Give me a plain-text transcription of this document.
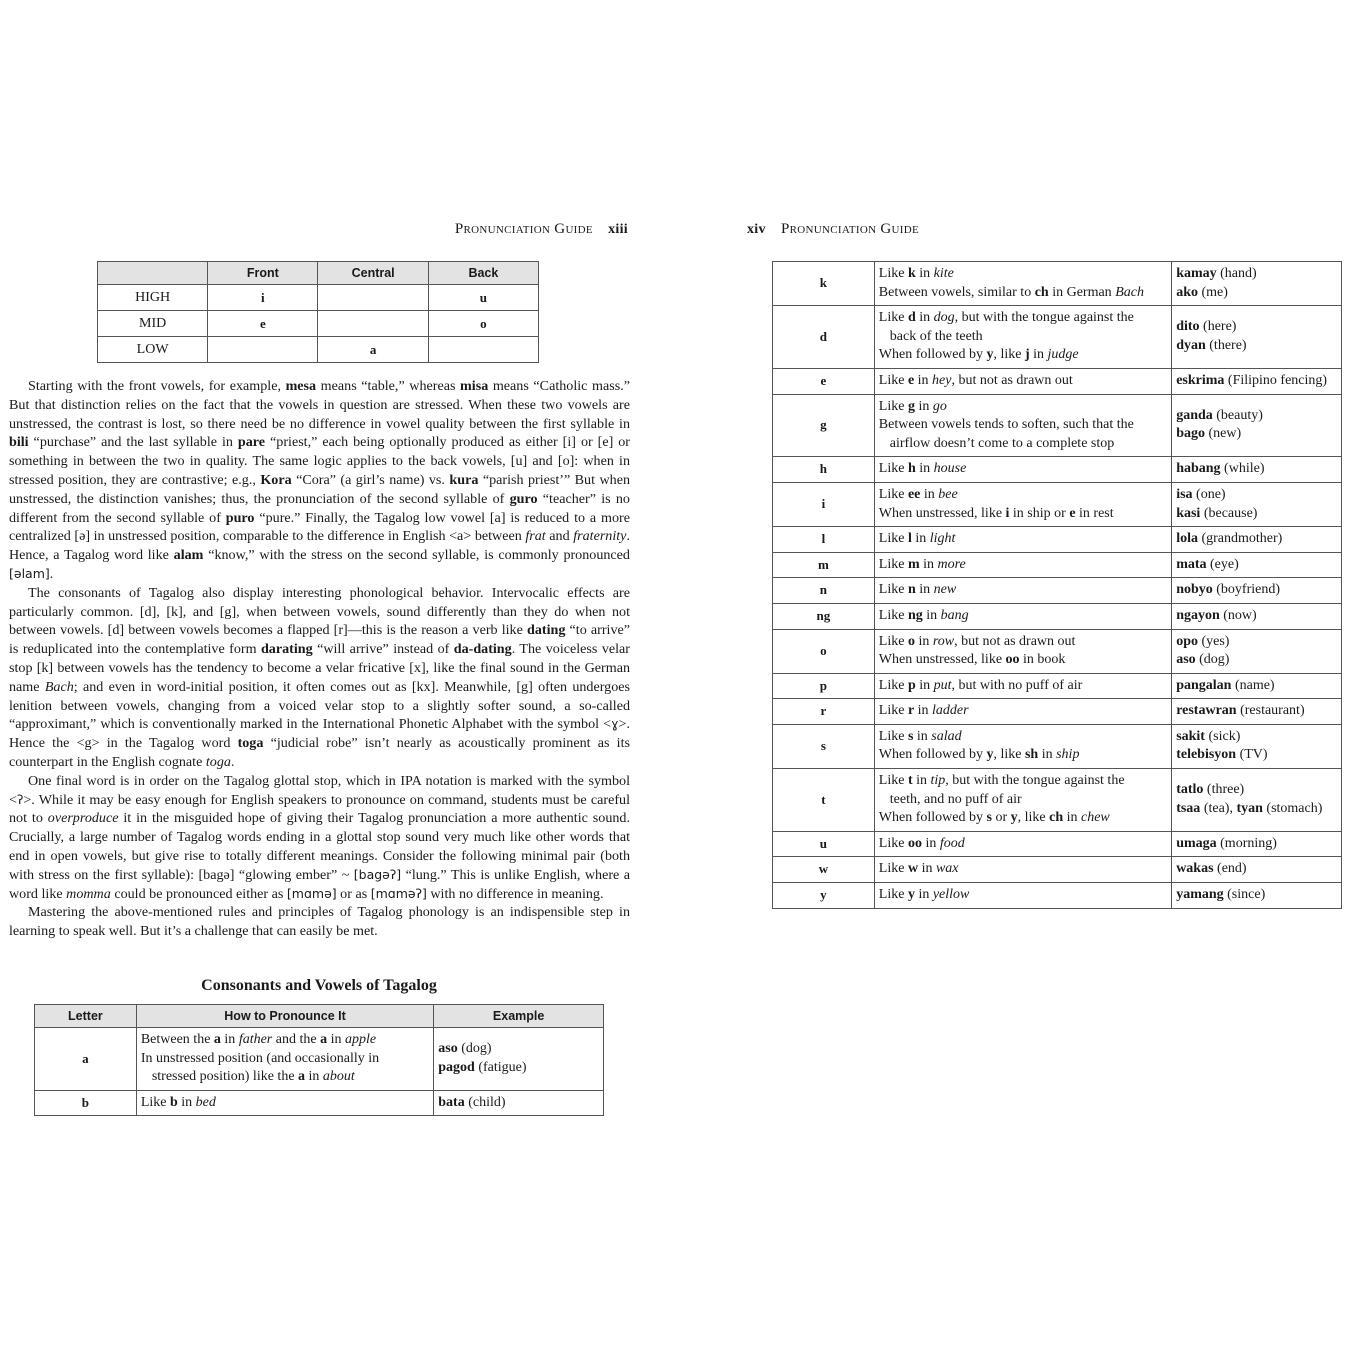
Pronunciation Guide xiii
	Front	Central	Back
HIGH	i		u
MID	e		o
LOW		a	

Starting with the front vowels, for example, mesa means “table,” whereas misa means “Catholic mass.” But that distinction relies on the fact that the vowels in question are stressed. When these two vowels are unstressed, the contrast is lost, so there need be no difference in vowel quality between the first syllable in bili “purchase” and the last syllable in pare “priest,” each being optionally produced as either [i] or [e] or something in between the two in quality. The same logic applies to the back vowels, [u] and [o]: when in stressed position, they are contrastive; e.g., Kora “Cora” (a girl’s name) vs. kura “parish priest’” But when unstressed, the distinction vanishes; thus, the pronunciation of the second syllable of guro “teacher” is no different from the second syllable of puro “pure.” Finally, the Tagalog low vowel [a] is reduced to a more centralized [ə] in unstressed position, comparable to the difference in English <a> between frat and fraternity. Hence, a Tagalog word like alam “know,” with the stress on the second syllable, is commonly pronounced [əlam].

The consonants of Tagalog also display interesting phonological behavior. Intervocalic effects are particularly common. [d], [k], and [g], when between vowels, sound differently than they do when not between vowels. [d] between vowels becomes a flapped [r]—this is the reason a verb like dating “to arrive” is reduplicated into the contemplative form darating “will arrive” instead of da-dating. The voiceless velar stop [k] between vowels has the tendency to become a velar fricative [x], like the final sound in the German name Bach; and even in word-initial position, it often comes out as [kx]. Meanwhile, [g] often undergoes lenition between vowels, changing from a voiced velar stop to a slightly softer sound, a so-called “approximant,” which is conventionally marked in the International Phonetic Alphabet with the symbol <ɣ>. Hence the <g> in the Tagalog word toga “judicial robe” isn’t nearly as acoustically prominent as its counterpart in the English cognate toga.

One final word is in order on the Tagalog glottal stop, which in IPA notation is marked with the symbol <ʔ>. While it may be easy enough for English speakers to pronounce on command, students must be careful not to overproduce it in the misguided hope of giving their Tagalog pronunciation a more authentic sound. Crucially, a large number of Tagalog words ending in a glottal stop sound very much like other words that end in open vowels, but give rise to totally different meanings. Consider the following minimal pair (both with stress on the first syllable): [bagə] “glowing ember” ~ [bagəʔ] “lung.” This is unlike English, where a word like momma could be pronounced either as [mɑmə] or as [mɑməʔ] with no difference in meaning.

Mastering the above-mentioned rules and principles of Tagalog phonology is an indispensible step in learning to speak well. But it’s a challenge that can easily be met.

Consonants and Vowels of Tagalog
Letter	How to Pronounce It	Example
a	Between the a in father and the a in apple
In unstressed position (and occasionally in
stressed position) like the a in about	aso (dog)
pagod (fatigue)

b	Like b in bed	bata (child)
xiv Pronunciation Guide
k	Like k in kite
Between vowels, similar to ch in German Bach	kamay (hand)
ako (me)

d	Like d in dog, but with the tongue against the
back of the teeth
When followed by y, like j in judge	dito (here)
dyan (there)

e	Like e in hey, but not as drawn out	eskrima (Filipino fencing)

g	Like g in go
Between vowels tends to soften, such that the
airflow doesn’t come to a complete stop	ganda (beauty)
bago (new)

h	Like h in house	habang (while)

i	Like ee in bee
When unstressed, like i in ship or e in rest	isa (one)
kasi (because)

l	Like l in light	lola (grandmother)

m	Like m in more	mata (eye)

n	Like n in new	nobyo (boyfriend)

ng	Like ng in bang	ngayon (now)

o	Like o in row, but not as drawn out
When unstressed, like oo in book	opo (yes)
aso (dog)

p	Like p in put, but with no puff of air	pangalan (name)

r	Like r in ladder	restawran (restaurant)

s	Like s in salad
When followed by y, like sh in ship	sakit (sick)
telebisyon (TV)

t	Like t in tip, but with the tongue against the
teeth, and no puff of air
When followed by s or y, like ch in chew	tatlo (three)
tsaa (tea), tyan (stomach)

u	Like oo in food	umaga (morning)

w	Like w in wax	wakas (end)

y	Like y in yellow	yamang (since)
